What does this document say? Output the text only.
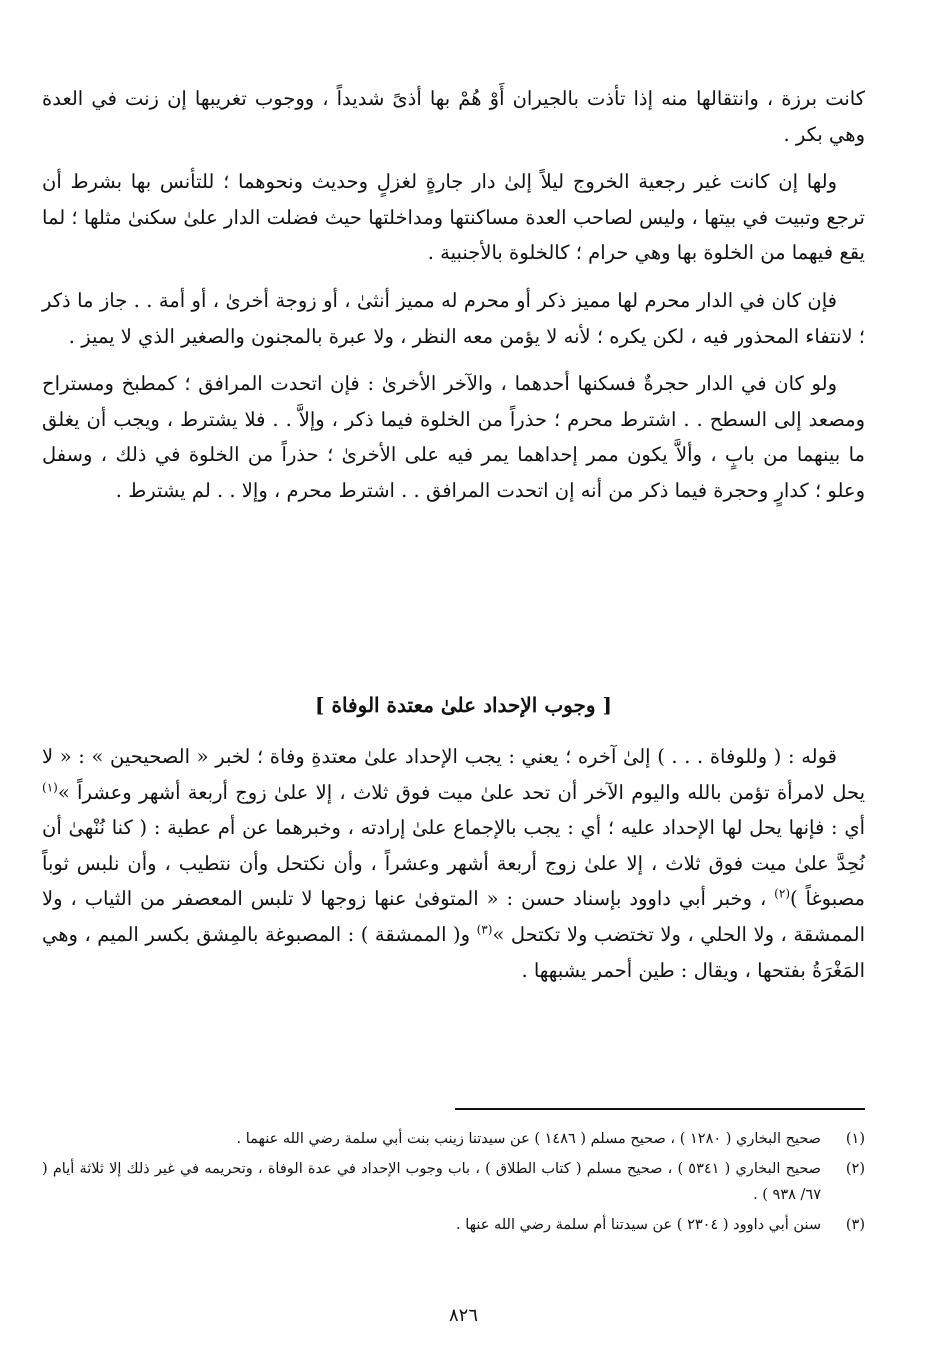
كانت برزة ، وانتقالها منه إذا تأذت بالجيران أَوْ هُمْ بها أذىً شديداً ، ووجوب تغريبها إن زنت في العدة وهي بكر .

ولها إن كانت غير رجعية الخروج ليلاً إلىٰ دار جارةٍ لغزلٍ وحديث ونحوهما ؛ للتأنس بها بشرط أن ترجع وتبيت في بيتها ، وليس لصاحب العدة مساكنتها ومداخلتها حيث فضلت الدار علىٰ سكنىٰ مثلها ؛ لما يقع فيهما من الخلوة بها وهي حرام ؛ كالخلوة بالأجنبية .

فإن كان في الدار محرم لها مميز ذكر أو محرم له مميز أنثىٰ ، أو زوجة أخرىٰ ، أو أمة . . جاز ما ذكر ؛ لانتفاء المحذور فيه ، لكن يكره ؛ لأنه لا يؤمن معه النظر ، ولا عبرة بالمجنون والصغير الذي لا يميز .

ولو كان في الدار حجرةٌ فسكنها أحدهما ، والآخر الأخرىٰ : فإن اتحدت المرافق ؛ كمطبخ ومستراح ومصعد إلى السطح . . اشترط محرم ؛ حذراً من الخلوة فيما ذكر ، وإلاَّ . . فلا يشترط ، ويجب أن يغلق ما بينهما من بابٍ ، وألاَّ يكون ممر إحداهما يمر فيه على الأخرىٰ ؛ حذراً من الخلوة في ذلك ، وسفل وعلو ؛ كدارٍ وحجرة فيما ذكر من أنه إن اتحدت المرافق . . اشترط محرم ، وإلا . . لم يشترط .

[ وجوب الإحداد علىٰ معتدة الوفاة ]

قوله : ( وللوفاة . . . ) إلىٰ آخره ؛ يعني : يجب الإحداد علىٰ معتدةِ وفاة ؛ لخبر « الصحيحين » : « لا يحل لامرأة تؤمن بالله واليوم الآخر أن تحد علىٰ ميت فوق ثلاث ، إلا علىٰ زوج أربعة أشهر وعشراً »$^{(١)}$ أي : فإنها يحل لها الإحداد عليه ؛ أي : يجب بالإجماع علىٰ إرادته ، وخبرهما عن أم عطية : ( كنا نُنْهىٰ أن نُحِدَّ علىٰ ميت فوق ثلاث ، إلا علىٰ زوج أربعة أشهر وعشراً ، وأن نكتحل وأن نتطيب ، وأن نلبس ثوباً مصبوغاً )$^{(٢)}$ ، وخبر أبي داوود بإسناد حسن : « المتوفىٰ عنها زوجها لا تلبس المعصفر من الثياب ، ولا الممشقة ، ولا الحلي ، ولا تختضب ولا تكتحل »$^{(٣)}$ و( الممشقة ) : المصبوغة بالمِشق بكسر الميم ، وهي المَغْرَةُ بفتحها ، ويقال : طين أحمر يشبهها .

(١)
صحيح البخاري ( ١٢٨٠ ) ، صحيح مسلم ( ١٤٨٦ ) عن سيدتنا زينب بنت أبي سلمة رضي الله عنهما .
(٢)
صحيح البخاري ( ٥٣٤١ ) ، صحيح مسلم ( كتاب الطلاق ) ، باب وجوب الإحداد في عدة الوفاة ، وتحريمه في غير ذلك إلا ثلاثة أيام ( ٦٧/ ٩٣٨ ) .
(٣)
سنن أبي داوود ( ٢٣٠٤ ) عن سيدتنا أم سلمة رضي الله عنها .
٨٢٦
